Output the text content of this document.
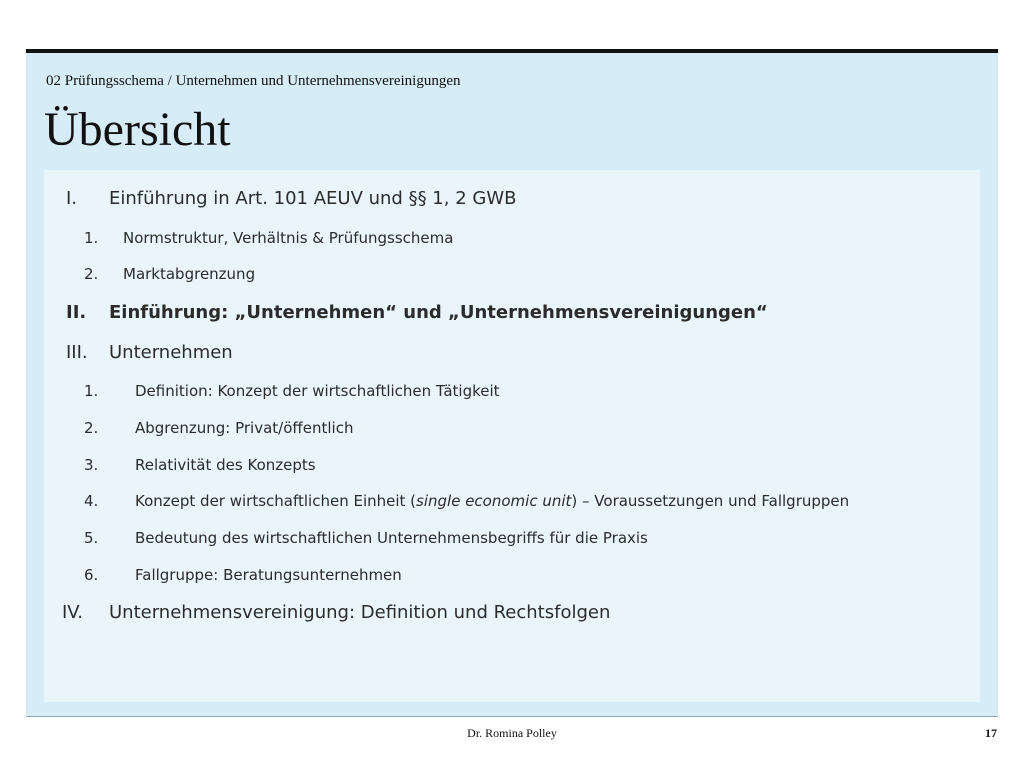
02 Prüfungsschema / Unternehmen und Unternehmensvereinigungen
Übersicht
I. Einführung in Art. 101 AEUV und §§ 1, 2 GWB
1. Normstruktur, Verhältnis & Prüfungsschema
2. Marktabgrenzung
II. Einführung: „Unternehmen“ und „Unternehmensvereinigungen“
III. Unternehmen
1. Definition: Konzept der wirtschaftlichen Tätigkeit
2. Abgrenzung: Privat/öffentlich
3. Relativität des Konzepts
4. Konzept der wirtschaftlichen Einheit (single economic unit) – Voraussetzungen und Fallgruppen
5. Bedeutung des wirtschaftlichen Unternehmensbegriffs für die Praxis
6. Fallgruppe: Beratungsunternehmen
IV. Unternehmensvereinigung: Definition und Rechtsfolgen
Dr. Romina Polley	17
